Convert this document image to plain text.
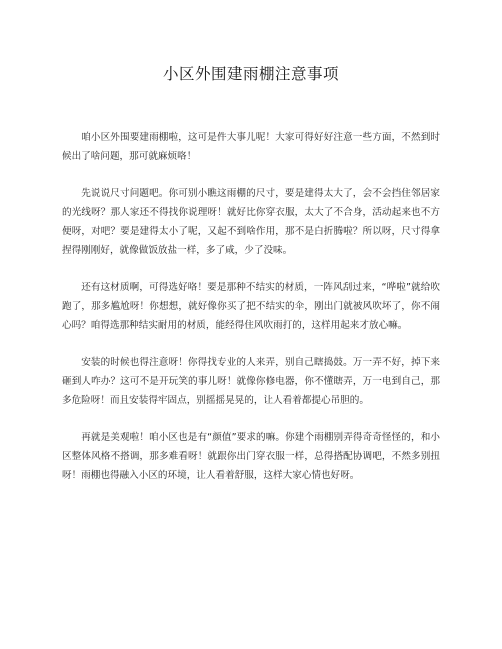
小区外围建雨棚注意事项

咱小区外围要建雨棚啦，这可是件大事儿呢！大家可得好好注意一些方面，不然到时候出了啥问题，那可就麻烦咯！

先说说尺寸问题吧。你可别小瞧这雨棚的尺寸，要是建得太大了，会不会挡住邻居家的光线呀？那人家还不得找你说理呀！就好比你穿衣服，太大了不合身，活动起来也不方便呀，对吧？要是建得太小了呢，又起不到啥作用，那不是白折腾啦？所以呀，尺寸得拿捏得刚刚好，就像做饭放盐一样，多了咸，少了没味。

还有这材质啊，可得选好咯！要是那种不结实的材质，一阵风刮过来，“哗啦”就给吹跑了，那多尴尬呀！你想想，就好像你买了把不结实的伞，刚出门就被风吹坏了，你不闹心吗？咱得选那种结实耐用的材质，能经得住风吹雨打的，这样用起来才放心嘛。

安装的时候也得注意呀！你得找专业的人来弄，别自己瞎捣鼓。万一弄不好，掉下来砸到人咋办？这可不是开玩笑的事儿呀！就像你修电器，你不懂瞎弄，万一电到自己，那多危险呀！而且安装得牢固点，别摇摇晃晃的，让人看着都提心吊胆的。

再就是美观啦！咱小区也是有“颜值”要求的嘛。你建个雨棚别弄得奇奇怪怪的，和小区整体风格不搭调，那多难看呀！就跟你出门穿衣服一样，总得搭配协调吧，不然多别扭呀！雨棚也得融入小区的环境，让人看着舒服，这样大家心情也好呀。
